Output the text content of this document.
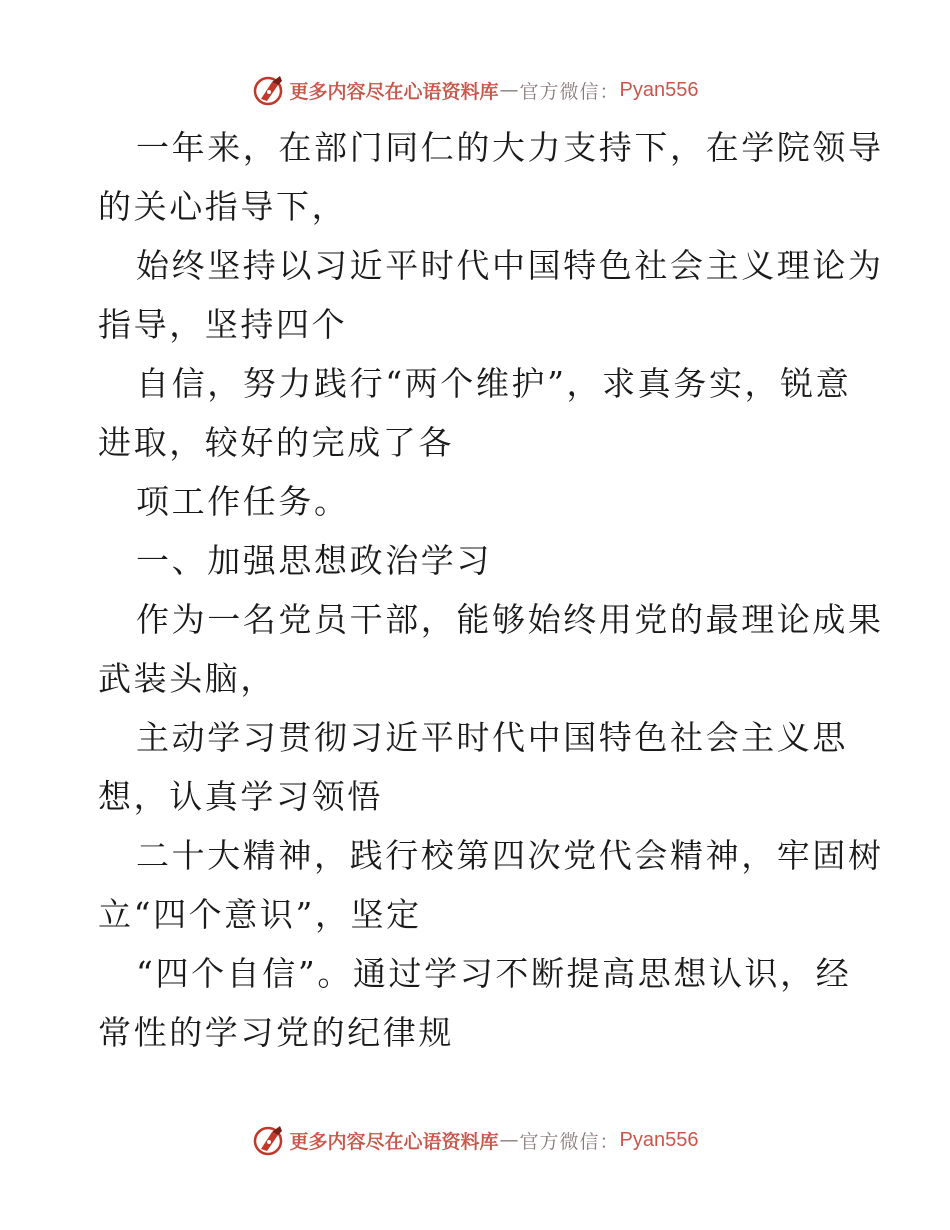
更多内容尽在心语资料库 — 官方微信： Pyan556

一年来，在部门同仁的大力支持下，在学院领导
的关心指导下，

始终坚持以习近平时代中国特色社会主义理论为
指导，坚持四个

自信，努力践行“两个维护”，求真务实，锐意
进取，较好的完成了各

项工作任务。

一、加强思想政治学习

作为一名党员干部，能够始终用党的最理论成果
武装头脑，

主动学习贯彻习近平时代中国特色社会主义思
想，认真学习领悟

二十大精神，践行校第四次党代会精神，牢固树
立“四个意识”，坚定

“四个自信”。通过学习不断提高思想认识，经
常性的学习党的纪律规

更多内容尽在心语资料库 — 官方微信： Pyan556
